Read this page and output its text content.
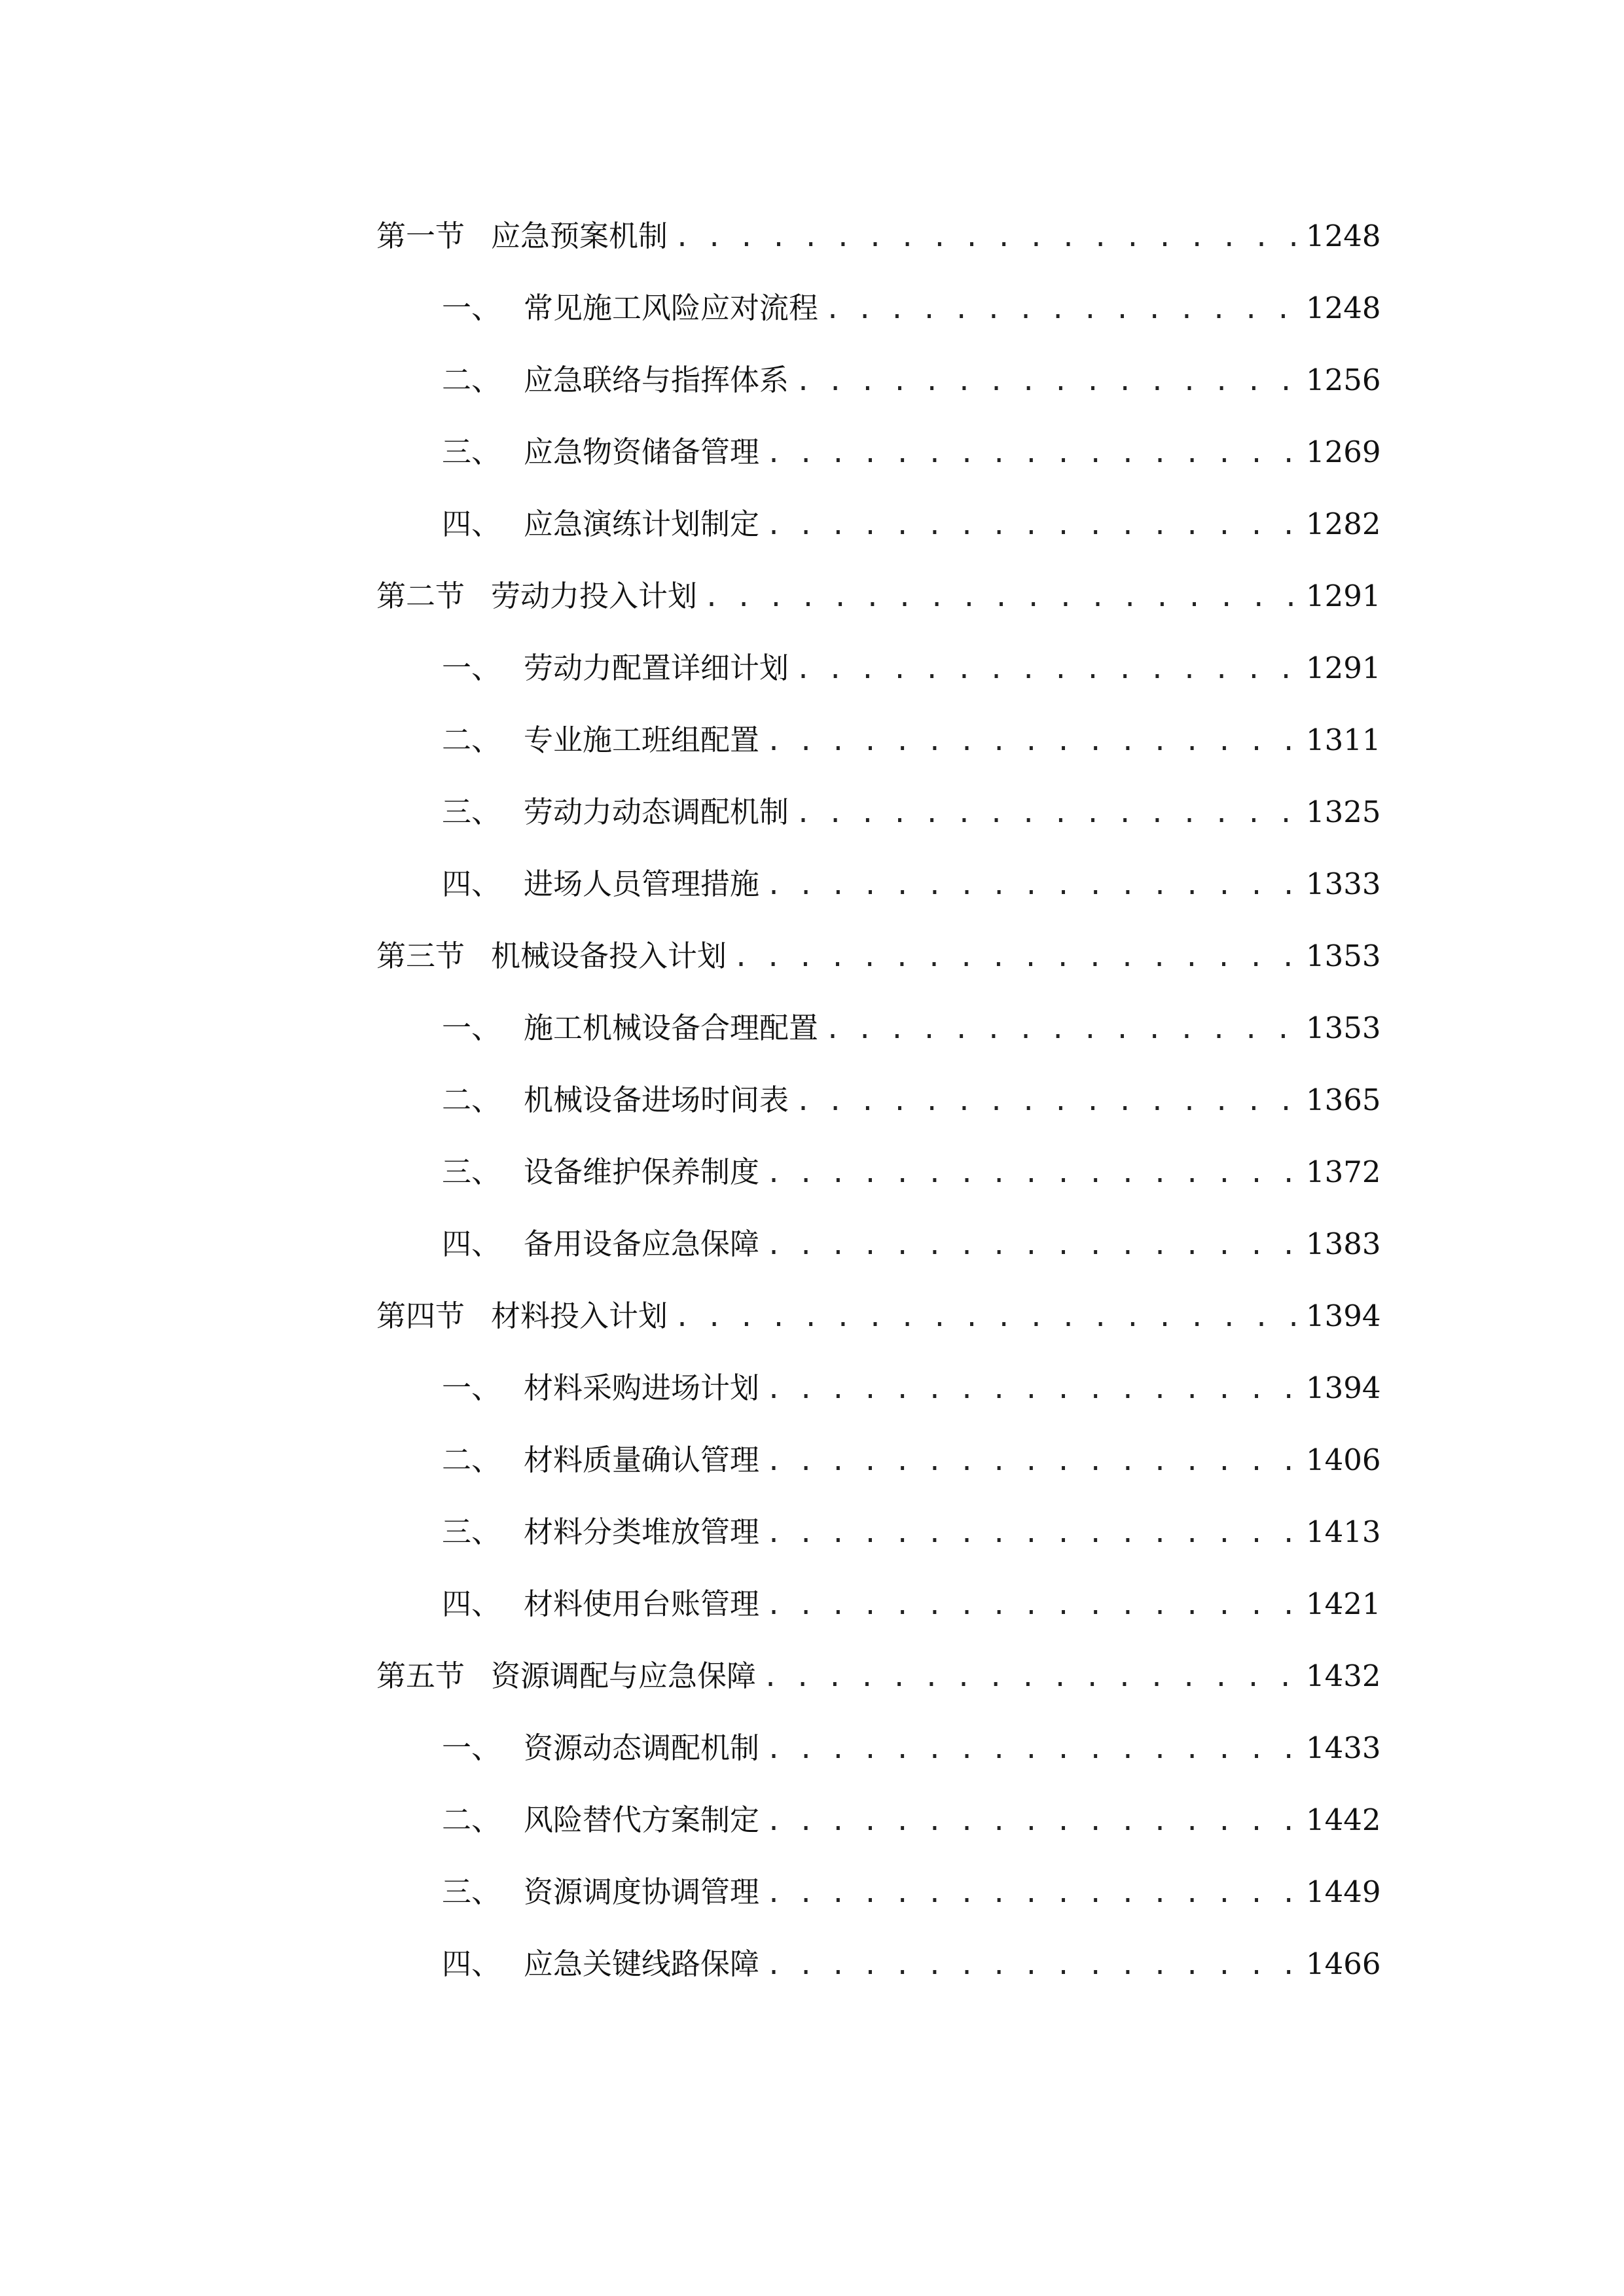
第一节 应急预案机制 . . .	1248
一、 常见施工风险应对流程 . . .	1248
二、 应急联络与指挥体系 . . .	1256
三、 应急物资储备管理 . . .	1269
四、 应急演练计划制定 . . .	1282
第二节 劳动力投入计划 . . .	1291
一、 劳动力配置详细计划 . . .	1291
二、 专业施工班组配置 . . .	1311
三、 劳动力动态调配机制 . . .	1325
四、 进场人员管理措施 . . .	1333
第三节 机械设备投入计划 . . .	1353
一、 施工机械设备合理配置 . . .	1353
二、 机械设备进场时间表 . . .	1365
三、 设备维护保养制度 . . .	1372
四、 备用设备应急保障 . . .	1383
第四节 材料投入计划 . . .	1394
一、 材料采购进场计划 . . .	1394
二、 材料质量确认管理 . . .	1406
三、 材料分类堆放管理 . . .	1413
四、 材料使用台账管理 . . .	1421
第五节 资源调配与应急保障 . . .	1432
一、 资源动态调配机制 . . .	1433
二、 风险替代方案制定 . . .	1442
三、 资源调度协调管理 . . .	1449
四、 应急关键线路保障 . . .	1466
